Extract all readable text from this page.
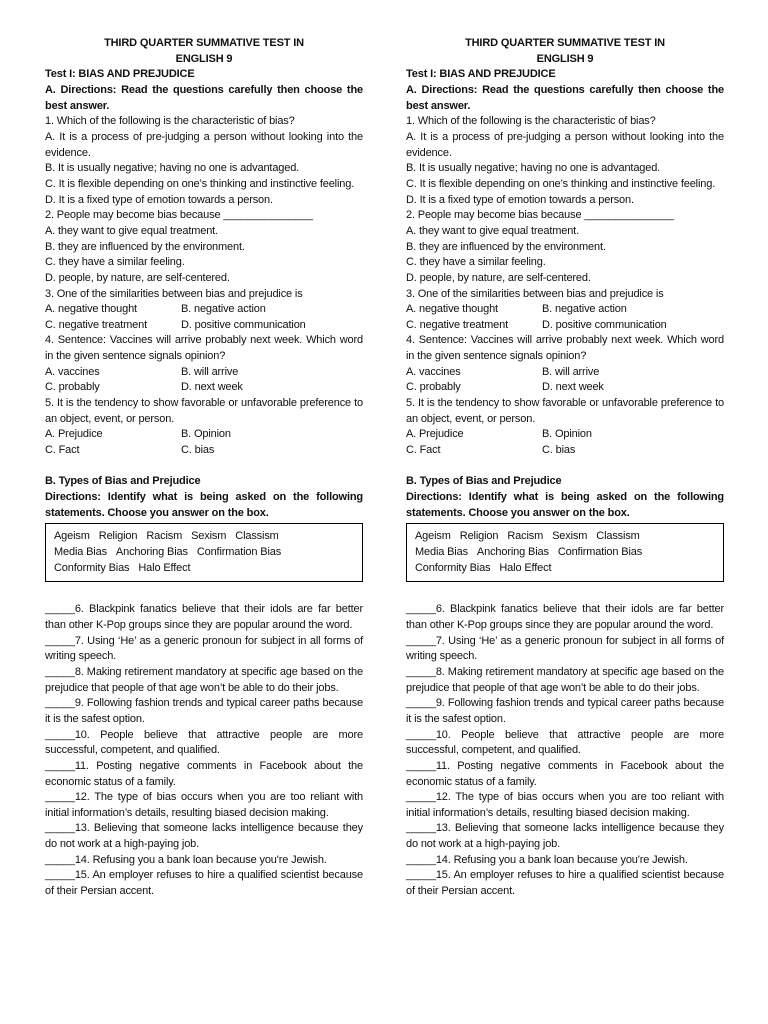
THIRD QUARTER SUMMATIVE TEST IN
ENGLISH 9
Test I: BIAS AND PREJUDICE

A. Directions: Read the questions carefully then choose the best answer.

1. Which of the following is the characteristic of bias?

A. It is a process of pre-judging a person without looking into the evidence.

B. It is usually negative; having no one is advantaged.

C. It is flexible depending on one’s thinking and instinctive feeling.

D. It is a fixed type of emotion towards a person.

2. People may become bias because _______________

A. they want to give equal treatment.

B. they are influenced by the environment.

C. they have a similar feeling.

D. people, by nature, are self-centered.

3. One of the similarities between bias and prejudice is

A. negative thought	B. negative action
C. negative treatment	D. positive communication

4. Sentence: Vaccines will arrive probably next week. Which word in the given sentence signals opinion?

A. vaccines	B. will arrive
C. probably	D. next week

5. It is the tendency to show favorable or unfavorable preference to an object, event, or person.

A. Prejudice	B. Opinion
C. Fact	C. bias
B. Types of Bias and Prejudice

Directions: Identify what is being asked on the following statements. Choose you answer on the box.

Ageism Religion Racism Sexism Classism
Media Bias Anchoring Bias Confirmation Bias
Conformity Bias Halo Effect

_____6. Blackpink fanatics believe that their idols are far better than other K-Pop groups since they are popular around the word.

_____7. Using ‘He’ as a generic pronoun for subject in all forms of writing speech.

_____8. Making retirement mandatory at specific age based on the prejudice that people of that age won’t be able to do their jobs.

_____9. Following fashion trends and typical career paths because it is the safest option.

_____10. People believe that attractive people are more successful, competent, and qualified.

_____11. Posting negative comments in Facebook about the economic status of a family.

_____12. The type of bias occurs when you are too reliant with initial information’s details, resulting biased decision making.

_____13. Believing that someone lacks intelligence because they do not work at a high-paying job.

_____14. Refusing you a bank loan because you're Jewish.

_____15. An employer refuses to hire a qualified scientist because of their Persian accent.

THIRD QUARTER SUMMATIVE TEST IN
ENGLISH 9
Test I: BIAS AND PREJUDICE

A. Directions: Read the questions carefully then choose the best answer.

1. Which of the following is the characteristic of bias?

A. It is a process of pre-judging a person without looking into the evidence.

B. It is usually negative; having no one is advantaged.

C. It is flexible depending on one’s thinking and instinctive feeling.

D. It is a fixed type of emotion towards a person.

2. People may become bias because _______________

A. they want to give equal treatment.

B. they are influenced by the environment.

C. they have a similar feeling.

D. people, by nature, are self-centered.

3. One of the similarities between bias and prejudice is

A. negative thought	B. negative action
C. negative treatment	D. positive communication

4. Sentence: Vaccines will arrive probably next week. Which word in the given sentence signals opinion?

A. vaccines	B. will arrive
C. probably	D. next week

5. It is the tendency to show favorable or unfavorable preference to an object, event, or person.

A. Prejudice	B. Opinion
C. Fact	C. bias
B. Types of Bias and Prejudice

Directions: Identify what is being asked on the following statements. Choose you answer on the box.

Ageism Religion Racism Sexism Classism
Media Bias Anchoring Bias Confirmation Bias
Conformity Bias Halo Effect

_____6. Blackpink fanatics believe that their idols are far better than other K-Pop groups since they are popular around the word.

_____7. Using ‘He’ as a generic pronoun for subject in all forms of writing speech.

_____8. Making retirement mandatory at specific age based on the prejudice that people of that age won’t be able to do their jobs.

_____9. Following fashion trends and typical career paths because it is the safest option.

_____10. People believe that attractive people are more successful, competent, and qualified.

_____11. Posting negative comments in Facebook about the economic status of a family.

_____12. The type of bias occurs when you are too reliant with initial information’s details, resulting biased decision making.

_____13. Believing that someone lacks intelligence because they do not work at a high-paying job.

_____14. Refusing you a bank loan because you're Jewish.

_____15. An employer refuses to hire a qualified scientist because of their Persian accent.
